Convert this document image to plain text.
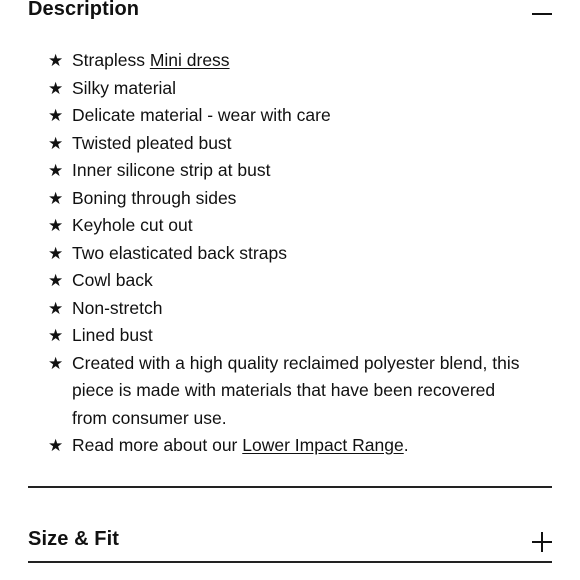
Description
★ Strapless Mini dress
★ Silky material
★ Delicate material - wear with care
★ Twisted pleated bust
★ Inner silicone strip at bust
★ Boning through sides
★ Keyhole cut out
★ Two elasticated back straps
★ Cowl back
★ Non-stretch
★ Lined bust
★ Created with a high quality reclaimed polyester blend, this piece is made with materials that have been recovered from consumer use.
★ Read more about our Lower Impact Range.
Size & Fit
